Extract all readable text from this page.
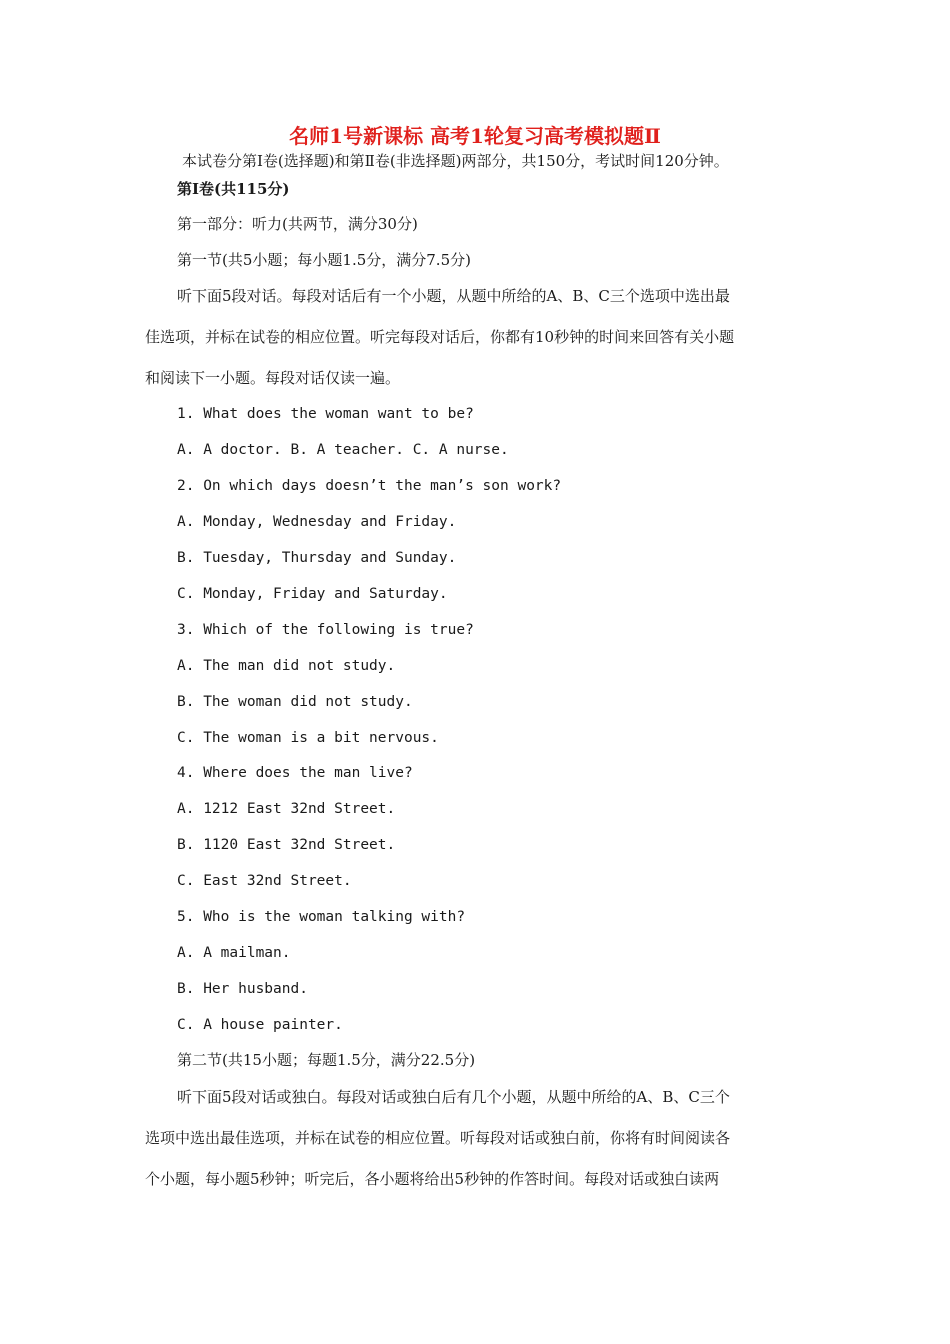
名师1号新课标 高考1轮复习高考模拟题Ⅱ
本试卷分第Ⅰ卷(选择题)和第Ⅱ卷(非选择题)两部分，共150分，考试时间120分钟。
第Ⅰ卷(共115分)
第一部分：听力(共两节，满分30分)
第一节(共5小题；每小题1.5分，满分7.5分)
听下面5段对话。每段对话后有一个小题，从题中所给的A、B、C三个选项中选出最
佳选项，并标在试卷的相应位置。听完每段对话后，你都有10秒钟的时间来回答有关小题
和阅读下一小题。每段对话仅读一遍。
1. What does the woman want to be?
A. A doctor. B. A teacher. C. A nurse.
2. On which days doesn’t the man’s son work?
A. Monday, Wednesday and Friday.
B. Tuesday, Thursday and Sunday.
C. Monday, Friday and Saturday.
3. Which of the following is true?
A. The man did not study.
B. The woman did not study.
C. The woman is a bit nervous.
4. Where does the man live?
A. 1212 East 32nd Street.
B. 1120 East 32nd Street.
C. East 32nd Street.
5. Who is the woman talking with?
A. A mailman.
B. Her husband.
C. A house painter.
第二节(共15小题；每题1.5分，满分22.5分)
听下面5段对话或独白。每段对话或独白后有几个小题，从题中所给的A、B、C三个
选项中选出最佳选项，并标在试卷的相应位置。听每段对话或独白前，你将有时间阅读各
个小题，每小题5秒钟；听完后，各小题将给出5秒钟的作答时间。每段对话或独白读两
